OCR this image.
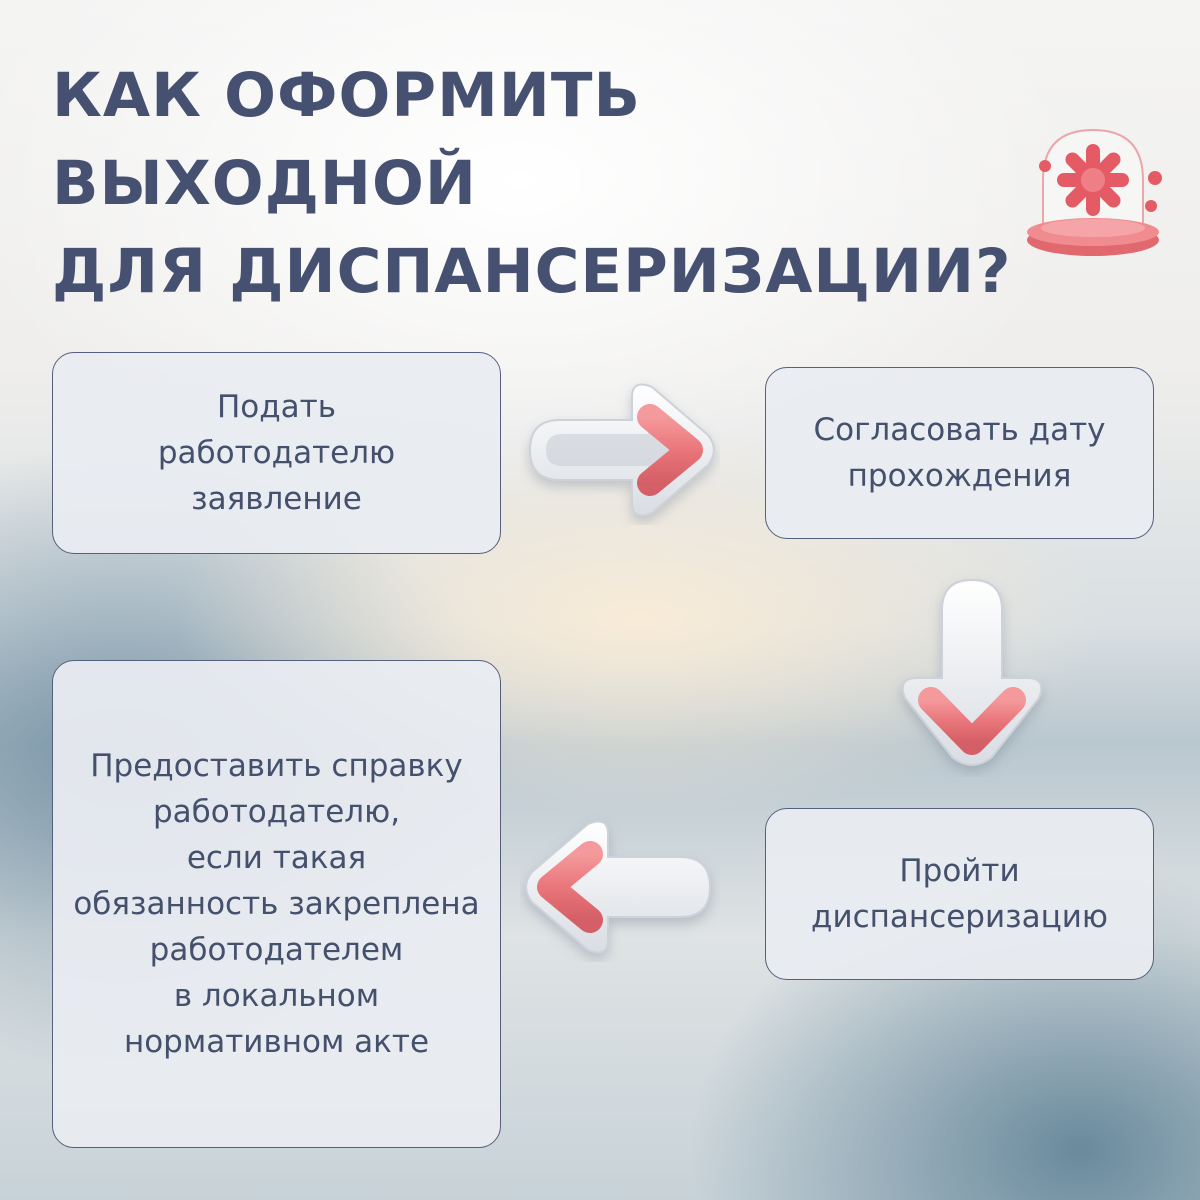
КАК ОФОРМИТЬ ВЫХОДНОЙ
ДЛЯ ДИСПАНСЕРИЗАЦИИ?
Подать
работодателю
заявление
Согласовать дату
прохождения
Пройти
диспансеризацию
Предоставить справку
работодателю,
если такая
обязанность закреплена
работодателем
в локальном
нормативном акте
